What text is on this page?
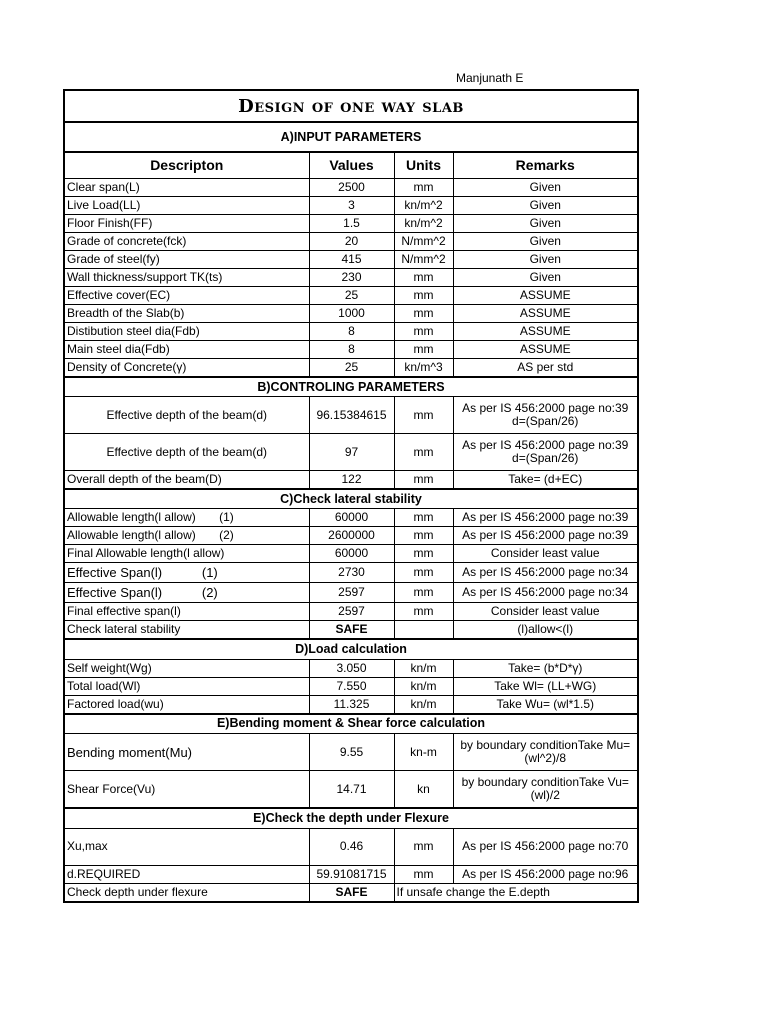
Manjunath E
Design of one way slab			
A)INPUT PARAMETERS			
Descripton	Values	Units	Remarks
Clear span(L)	2500	mm	Given
Live Load(LL)	3	kn/m^2	Given
Floor Finish(FF)	1.5	kn/m^2	Given
Grade of concrete(fck)	20	N/mm^2	Given
Grade of steel(fy)	415	N/mm^2	Given
Wall thickness/support TK(ts)	230	mm	Given
Effective cover(EC)	25	mm	ASSUME
Breadth of the Slab(b)	1000	mm	ASSUME
Distibution steel dia(Fdb)	8	mm	ASSUME
Main steel dia(Fdb)	8	mm	ASSUME
Density of Concrete(γ)	25	kn/m^3	AS per std
B)CONTROLING PARAMETERS			
Effective depth of the beam(d)	96.15384615	mm	As per IS 456:2000 page no:39 d=(Span/26)
Effective depth of the beam(d)	97	mm	As per IS 456:2000 page no:39 d=(Span/26)
Overall depth of the beam(D)	122	mm	Take= (d+EC)
C)Check lateral stability			
Allowable length(l allow)       (1)	60000	mm	As per IS 456:2000 page no:39
Allowable length(l allow)       (2)	2600000	mm	As per IS 456:2000 page no:39
Final Allowable length(l allow)	60000	mm	Consider least value
Effective Span(l)           (1)	2730	mm	As per IS 456:2000 page no:34
Effective Span(l)           (2)	2597	mm	As per IS 456:2000 page no:34
Final effective span(l)	2597	mm	Consider least value
Check lateral stability	SAFE		(l)allow<(l)
D)Load calculation			
Self weight(Wg)	3.050	kn/m	Take= (b*D*γ)
Total load(Wl)	7.550	kn/m	Take Wl= (LL+WG)
Factored load(wu)	11.325	kn/m	Take Wu= (wl*1.5)
E)Bending moment & Shear force calculation			
Bending moment(Mu)	9.55	kn-m	by boundary conditionTake Mu=(wl^2)/8
Shear Force(Vu)	14.71	kn	by boundary conditionTake Vu=(wl)/2
E)Check the depth under Flexure			
Xu,max	0.46	mm	As per IS 456:2000 page no:70
d.REQUIRED	59.91081715	mm	As per IS 456:2000 page no:96
Check depth under flexure	SAFE	If unsafe change the E.depth	
